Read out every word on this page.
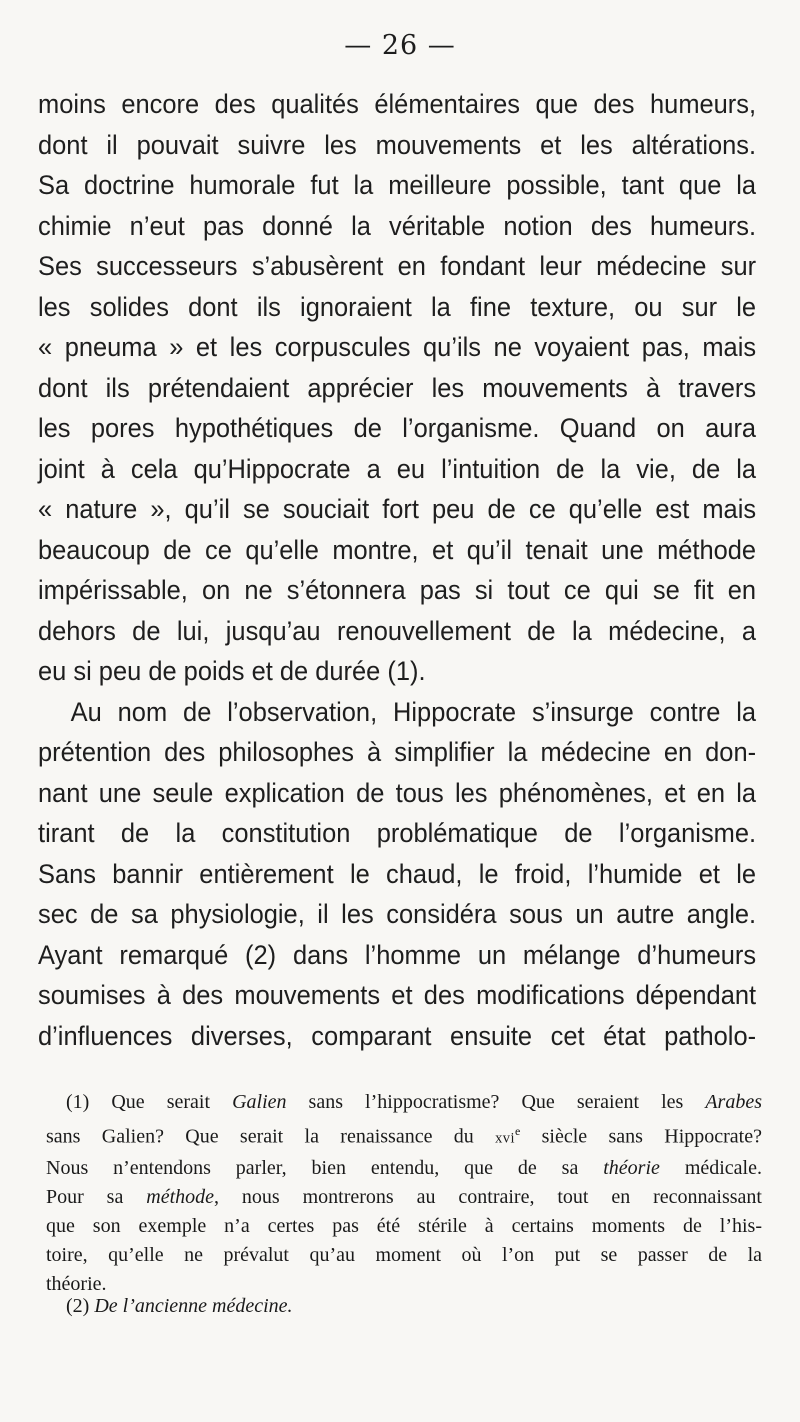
— 26 —
moins encore des qualités élémentaires que des humeurs,
dont il pouvait suivre les mouvements et les altérations.
Sa doctrine humorale fut la meilleure possible, tant que la
chimie n’eut pas donné la véritable notion des humeurs.
Ses successeurs s’abusèrent en fondant leur médecine sur
les solides dont ils ignoraient la fine texture, ou sur le
« pneuma » et les corpuscules qu’ils ne voyaient pas, mais
dont ils prétendaient apprécier les mouvements à travers
les pores hypothétiques de l’organisme. Quand on aura
joint à cela qu’Hippocrate a eu l’intuition de la vie, de la
« nature », qu’il se souciait fort peu de ce qu’elle est mais
beaucoup de ce qu’elle montre, et qu’il tenait une méthode
impérissable, on ne s’étonnera pas si tout ce qui se fit en
dehors de lui, jusqu’au renouvellement de la médecine, a
eu si peu de poids et de durée (1).
Au nom de l’observation, Hippocrate s’insurge contre la
prétention des philosophes à simplifier la médecine en don-
nant une seule explication de tous les phénomènes, et en la
tirant de la constitution problématique de l’organisme.
Sans bannir entièrement le chaud, le froid, l’humide et le
sec de sa physiologie, il les considéra sous un autre angle.
Ayant remarqué (2) dans l’homme un mélange d’humeurs
soumises à des mouvements et des modifications dépendant
d’influences diverses, comparant ensuite cet état patholo-
(1) Que serait Galien sans l’hippocratisme? Que seraient les Arabes
sans Galien? Que serait la renaissance du xvi$^e$ siècle sans Hippocrate?
Nous n’entendons parler, bien entendu, que de sa théorie médicale.
Pour sa méthode, nous montrerons au contraire, tout en reconnaissant
que son exemple n’a certes pas été stérile à certains moments de l’his-
toire, qu’elle ne prévalut qu’au moment où l’on put se passer de la
théorie.
(2) De l’ancienne médecine.
